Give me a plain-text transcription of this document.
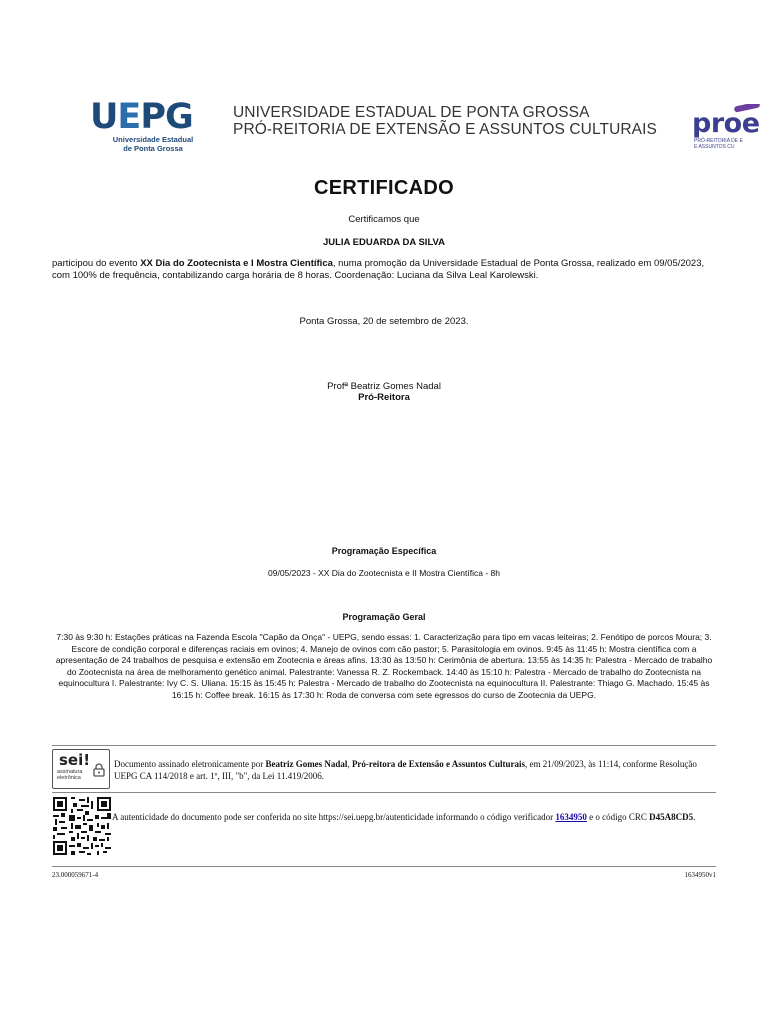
UEPG
Universidade Estadual
de Ponta Grossa
UNIVERSIDADE ESTADUAL DE PONTA GROSSA
PRÓ-REITORIA DE EXTENSÃO E ASSUNTOS CULTURAIS proe
PRÓ-REITORIA DE E
E ASSUNTOS CU
CERTIFICADO
Certificamos que
JULIA EDUARDA DA SILVA
participou do evento XX Dia do Zootecnista e I Mostra Científica, numa promoção da Universidade Estadual de Ponta Grossa, realizado em 09/05/2023, com 100% de frequência, contabilizando carga horária de 8 horas. Coordenação: Luciana da Silva Leal Karolewski.
Ponta Grossa, 20 de setembro de 2023.
Profª Beatriz Gomes Nadal
Pró-Reitora
Programação Específica
09/05/2023 - XX Dia do Zootecnista e II Mostra Científica - 8h
Programação Geral
7:30 às 9:30 h: Estações práticas na Fazenda Escola "Capão da Onça" - UEPG, sendo essas: 1. Caracterização para tipo em vacas leiteiras; 2. Fenótipo de porcos Moura; 3. Escore de condição corporal e diferenças raciais em ovinos; 4. Manejo de ovinos com cão pastor; 5. Parasitologia em ovinos. 9:45 às 11:45 h: Mostra científica com a apresentação de 24 trabalhos de pesquisa e extensão em Zootecnia e áreas afins. 13:30 às 13:50 h: Cerimônia de abertura. 13:55 às 14:35 h: Palestra - Mercado de trabalho do Zootecnista na área de melhoramento genético animal. Palestrante: Vanessa R. Z. Rockemback. 14:40 às 15:10 h: Palestra - Mercado de trabalho do Zootecnista na equinocultura I. Palestrante: Ivy C. S. Uliana. 15:15 às 15:45 h: Palestra - Mercado de trabalho do Zootecnista na equinocultura II. Palestrante: Thiago G. Machado. 15:45 às 16:15 h: Coffee break. 16:15 às 17:30 h: Roda de conversa com sete egressos do curso de Zootecnia da UEPG.
sei!
assinatura
eletrônica
Documento assinado eletronicamente por Beatriz Gomes Nadal, Pró-reitora de Extensão e Assuntos Culturais, em 21/09/2023, às 11:14, conforme Resolução UEPG CA 114/2018 e art. 1º, III, "b", da Lei 11.419/2006.
A autenticidade do documento pode ser conferida no site https://sei.uepg.br/autenticidade informando o código verificador 1634950 e o código CRC D45A8CD5.
23.000059671-4	1634950v1
